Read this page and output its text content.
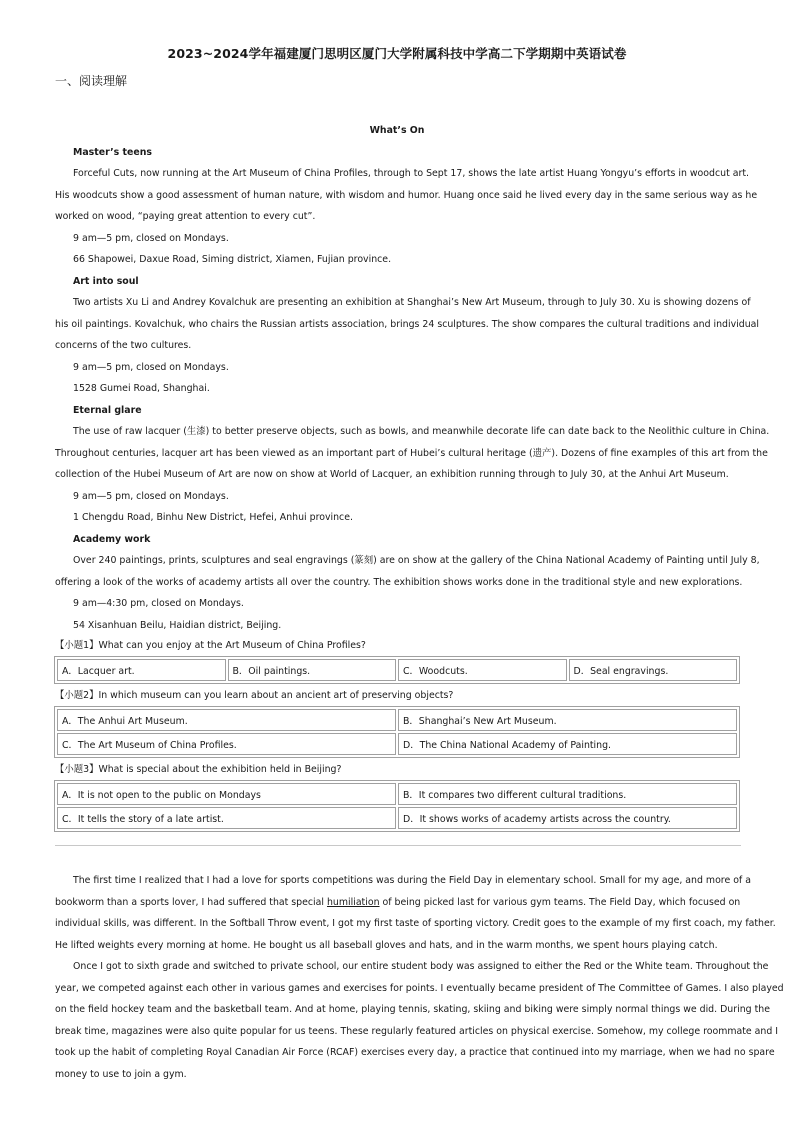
2023~2024学年福建厦门思明区厦门大学附属科技中学高二下学期期中英语试卷
一、阅读理解
What’s On
Master’s teens
Forceful Cuts, now running at the Art Museum of China Profiles, through to Sept 17, shows the late artist Huang Yongyu’s efforts in woodcut art.
His woodcuts show a good assessment of human nature, with wisdom and humor. Huang once said he lived every day in the same serious way as he
worked on wood, “paying great attention to every cut”.
9 am—5 pm, closed on Mondays.
66 Shapowei, Daxue Road, Siming district, Xiamen, Fujian province.
Art into soul
Two artists Xu Li and Andrey Kovalchuk are presenting an exhibition at Shanghai’s New Art Museum, through to July 30. Xu is showing dozens of
his oil paintings. Kovalchuk, who chairs the Russian artists association, brings 24 sculptures. The show compares the cultural traditions and individual
concerns of the two cultures.
9 am—5 pm, closed on Mondays.
1528 Gumei Road, Shanghai.
Eternal glare
The use of raw lacquer (生漆) to better preserve objects, such as bowls, and meanwhile decorate life can date back to the Neolithic culture in China.
Throughout centuries, lacquer art has been viewed as an important part of Hubei’s cultural heritage (遗产). Dozens of fine examples of this art from the
collection of the Hubei Museum of Art are now on show at World of Lacquer, an exhibition running through to July 30, at the Anhui Art Museum.
9 am—5 pm, closed on Mondays.
1 Chengdu Road, Binhu New District, Hefei, Anhui province.
Academy work
Over 240 paintings, prints, sculptures and seal engravings (篆刻) are on show at the gallery of the China National Academy of Painting until July 8,
offering a look of the works of academy artists all over the country. The exhibition shows works done in the traditional style and new explorations.
9 am—4:30 pm, closed on Mondays.
54 Xisanhuan Beilu, Haidian district, Beijing.
【小题1】What can you enjoy at the Art Museum of China Profiles?
A．Lacquer art.	B．Oil paintings.	C．Woodcuts.	D．Seal engravings.
【小题2】In which museum can you learn about an ancient art of preserving objects?
A．The Anhui Art Museum.	B．Shanghai’s New Art Museum.
C．The Art Museum of China Profiles.	D．The China National Academy of Painting.
【小题3】What is special about the exhibition held in Beijing?
A．It is not open to the public on Mondays	B．It compares two different cultural traditions.
C．It tells the story of a late artist.	D．It shows works of academy artists across the country.
The first time I realized that I had a love for sports competitions was during the Field Day in elementary school. Small for my age, and more of a
bookworm than a sports lover, I had suffered that special humiliation of being picked last for various gym teams. The Field Day, which focused on
individual skills, was different. In the Softball Throw event, I got my first taste of sporting victory. Credit goes to the example of my first coach, my father.
He lifted weights every morning at home. He bought us all baseball gloves and hats, and in the warm months, we spent hours playing catch.
Once I got to sixth grade and switched to private school, our entire student body was assigned to either the Red or the White team. Throughout the
year, we competed against each other in various games and exercises for points. I eventually became president of The Committee of Games. I also played
on the field hockey team and the basketball team. And at home, playing tennis, skating, skiing and biking were simply normal things we did. During the
break time, magazines were also quite popular for us teens. These regularly featured articles on physical exercise. Somehow, my college roommate and I
took up the habit of completing Royal Canadian Air Force (RCAF) exercises every day, a practice that continued into my marriage, when we had no spare
money to use to join a gym.
